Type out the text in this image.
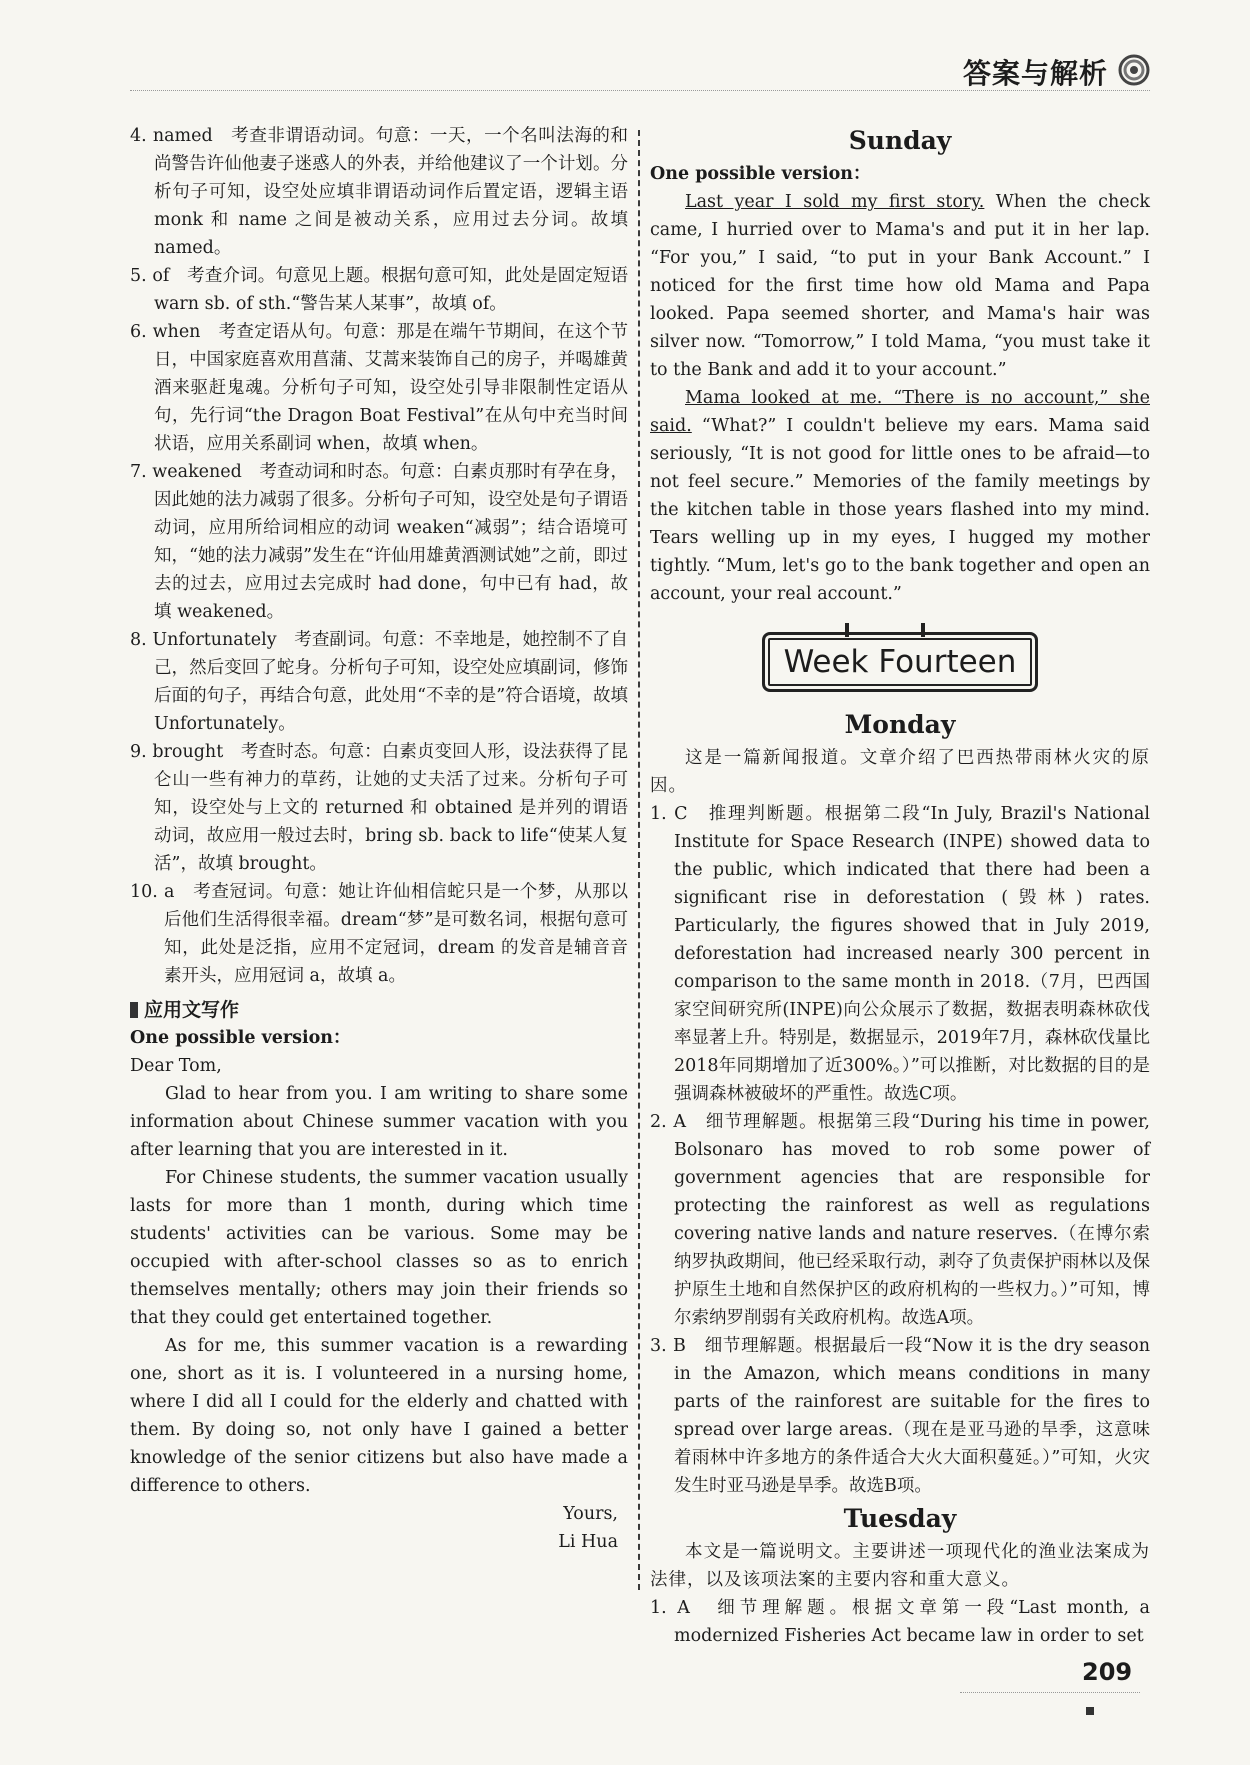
答案与解析

4. named　考查非谓语动词。句意：一天，一个名叫法海的和尚警告许仙他妻子迷惑人的外表，并给他建议了一个计划。分析句子可知，设空处应填非谓语动词作后置定语，逻辑主语 monk 和 name 之间是被动关系，应用过去分词。故填 named。

5. of　考查介词。句意见上题。根据句意可知，此处是固定短语 warn sb. of sth.“警告某人某事”，故填 of。

6. when　考查定语从句。句意：那是在端午节期间，在这个节日，中国家庭喜欢用菖蒲、艾蒿来装饰自己的房子，并喝雄黄酒来驱赶鬼魂。分析句子可知，设空处引导非限制性定语从句，先行词“the Dragon Boat Festival”在从句中充当时间状语，应用关系副词 when，故填 when。

7. weakened　考查动词和时态。句意：白素贞那时有孕在身，因此她的法力减弱了很多。分析句子可知，设空处是句子谓语动词，应用所给词相应的动词 weaken“减弱”；结合语境可知，“她的法力减弱”发生在“许仙用雄黄酒测试她”之前，即过去的过去，应用过去完成时 had done，句中已有 had，故填 weakened。

8. Unfortunately　考查副词。句意：不幸地是，她控制不了自己，然后变回了蛇身。分析句子可知，设空处应填副词，修饰后面的句子，再结合句意，此处用“不幸的是”符合语境，故填 Unfortunately。

9. brought　考查时态。句意：白素贞变回人形，设法获得了昆仑山一些有神力的草药，让她的丈夫活了过来。分析句子可知，设空处与上文的 returned 和 obtained 是并列的谓语动词，故应用一般过去时，bring sb. back to life“使某人复活”，故填 brought。

10. a　考查冠词。句意：她让许仙相信蛇只是一个梦，从那以后他们生活得很幸福。dream“梦”是可数名词，根据句意可知，此处是泛指，应用不定冠词，dream 的发音是辅音音素开头，应用冠词 a，故填 a。

应用文写作

One possible version：

Dear Tom,

Glad to hear from you. I am writing to share some information about Chinese summer vacation with you after learning that you are interested in it.

For Chinese students, the summer vacation usually lasts for more than 1 month, during which time students' activities can be various. Some may be occupied with after-school classes so as to enrich themselves mentally; others may join their friends so that they could get entertained together.

As for me, this summer vacation is a rewarding one, short as it is. I volunteered in a nursing home, where I did all I could for the elderly and chatted with them. By doing so, not only have I gained a better knowledge of the senior citizens but also have made a difference to others.

Yours,

Li Hua

Sunday

One possible version：

Last year I sold my first story. When the check came, I hurried over to Mama's and put it in her lap. “For you,” I said, “to put in your Bank Account.” I noticed for the first time how old Mama and Papa looked. Papa seemed shorter, and Mama's hair was silver now. “Tomorrow,” I told Mama, “you must take it to the Bank and add it to your account.”

Mama looked at me. “There is no account,” she said. “What?” I couldn't believe my ears. Mama said seriously, “It is not good for little ones to be afraid—to not feel secure.” Memories of the family meetings by the kitchen table in those years flashed into my mind. Tears welling up in my eyes, I hugged my mother tightly. “Mum, let's go to the bank together and open an account, your real account.”

Week Fourteen

Monday

这是一篇新闻报道。文章介绍了巴西热带雨林火灾的原因。

1. C　推理判断题。根据第二段“In July, Brazil's National Institute for Space Research (INPE) showed data to the public, which indicated that there had been a significant rise in deforestation (毁林) rates. Particularly, the figures showed that in July 2019, deforestation had increased nearly 300 percent in comparison to the same month in 2018.（7月，巴西国家空间研究所(INPE)向公众展示了数据，数据表明森林砍伐率显著上升。特别是，数据显示，2019年7月，森林砍伐量比2018年同期增加了近300%。）”可以推断，对比数据的目的是强调森林被破坏的严重性。故选C项。

2. A　细节理解题。根据第三段“During his time in power, Bolsonaro has moved to rob some power of government agencies that are responsible for protecting the rainforest as well as regulations covering native lands and nature reserves.（在博尔索纳罗执政期间，他已经采取行动，剥夺了负责保护雨林以及保护原生土地和自然保护区的政府机构的一些权力。）”可知，博尔索纳罗削弱有关政府机构。故选A项。

3. B　细节理解题。根据最后一段“Now it is the dry season in the Amazon, which means conditions in many parts of the rainforest are suitable for the fires to spread over large areas.（现在是亚马逊的旱季，这意味着雨林中许多地方的条件适合大火大面积蔓延。）”可知，火灾发生时亚马逊是旱季。故选B项。

Tuesday

本文是一篇说明文。主要讲述一项现代化的渔业法案成为法律，以及该项法案的主要内容和重大意义。

1. A　细节理解题。根据文章第一段“Last month, a modernized Fisheries Act became law in order to set

209
